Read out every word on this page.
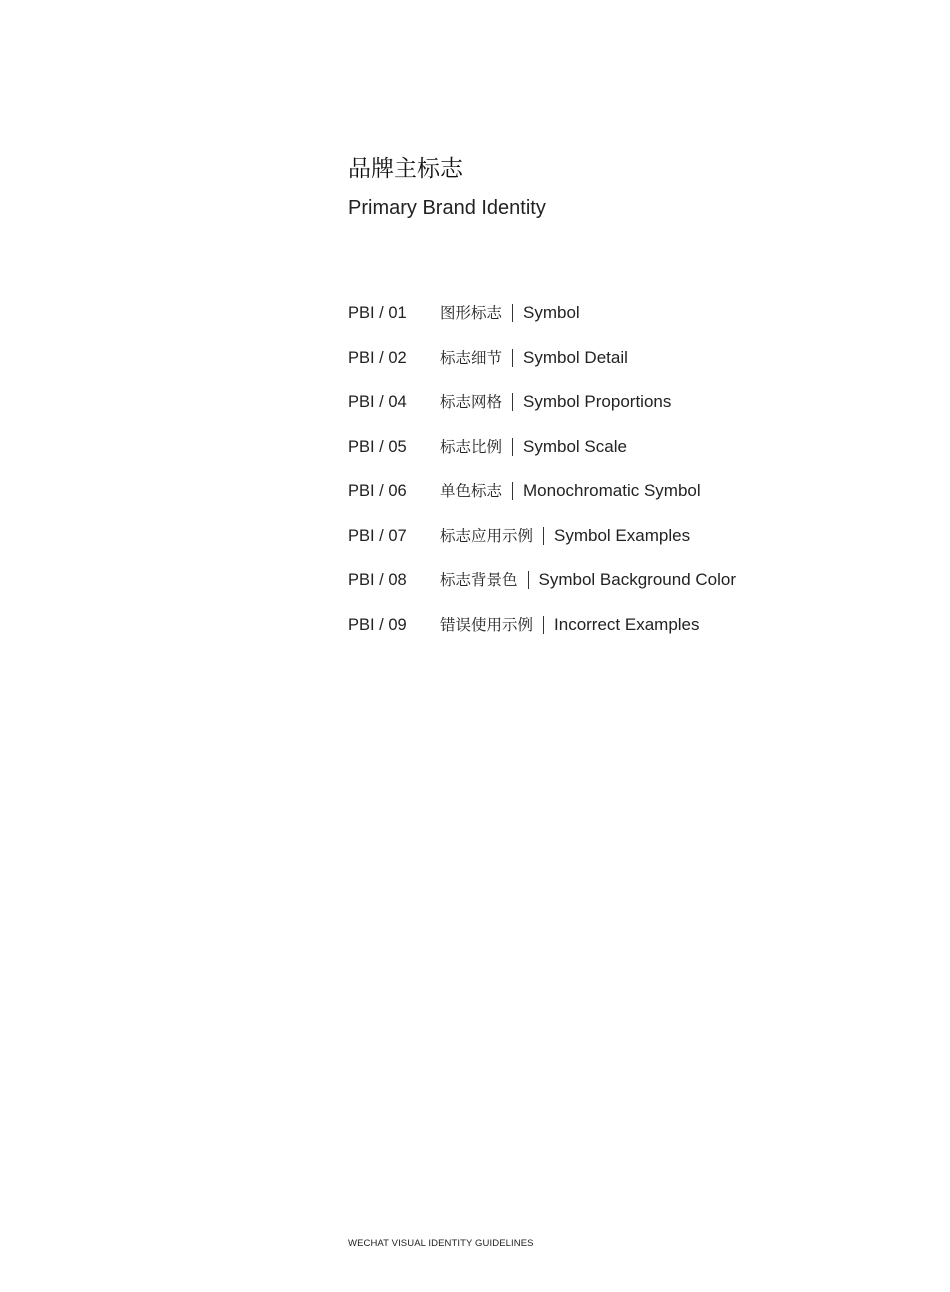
品牌主标志
Primary Brand Identity
PBI / 01	图形标志 Symbol
PBI / 02	标志细节 Symbol Detail
PBI / 04	标志网格 Symbol Proportions
PBI / 05	标志比例 Symbol Scale
PBI / 06	单色标志 Monochromatic Symbol
PBI / 07	标志应用示例 Symbol Examples
PBI / 08	标志背景色 Symbol Background Color
PBI / 09	错误使用示例 Incorrect Examples
WECHAT VISUAL IDENTITY GUIDELINES
